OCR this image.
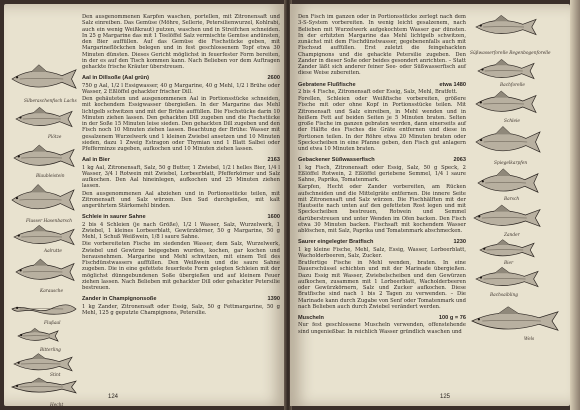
Silberaschenfisch Lachs
Plötze
Blaubleistein
Flusser Hasenbarsch
Aalrutte
Karausche
Flußaal
Bitterling
Stint
Hecht

Den ausgenommenen Karpfen waschen, portellen, mit Zitronensaft und Salz einreiben. Das Gemüse (Möhre, Sellerie, Petersilienwurzel, Kohlrabi, auch ein wenig Weißkraut) putzen, waschen und in Streifchen schneiden. In 25 g Margarine das mit 1 Teelöffel Salz vermischte Gemüse andünsten, den Bier auffüllen. Auf das Gemüse die Fischstücke geben, mit Margarineflöckchen belegen und in fest geschlossenem Topf etwa 30 Minuten dünsten. Dieses Gericht möglichst in feuerfester Form bereiten, in der es auf den Tisch kommen kann. Nach Belieben vor dem Auftragen gehackte frische Kräuter überstreuen.

Aal in Dillsoße (Aal grün)	2600

750 g Aal, 1/2 l Essigwasser, 40 g Margarine, 40 g Mehl, 1/2 l Brühe oder Wasser, 2 Eßlöffel gehackter frischer Dill.

Den gehäuteten und ausgenommenen Aal in Portionsstücke schneiden, mit kochendem Essigwasser übergießen. In der Margarine das Mehl lichtgelb schwitzen und mit der Brühe auffüllen. Die Fischstücke darin 10 Minuten ziehen lassen. Den gehackten Dill zugeben und die Fischstücke in der Soße 15 Minuten leise sieden. Den gehackten Dill zugeben und den Fisch noch 10 Minuten ziehen lassen. Beachtung der Brühe: Wasser mit gesalzenem Wurzelwerk und 1 kleinen Zwiebel ansetzen und 10 Minuten sieden, dazu 1 Zweig Estragon oder Thymian und 1 Blatt Salbei oder Pfefferminze zugeben, aufkochen und 10 Minuten ziehen lassen.

Aal in Bier	2163

1 kg Aal, Zitronensaft, Salz, 50 g Butter, 1 Zwiebel, 1/2 l helles Bier, 1/4 l Wasser, 3/4 l Rotwein mit Zwiebel, Lorbeerblatt, Pfefferkörner und Salz aufkochen. Den Aal hineinlegen, aufkochen und 25 Minuten ziehen lassen.

Den ausgenommenen Aal abziehen und in Portionsstücke teilen, mit Zitronensaft und Salz würzen. Den Sud durchgießen, mit kalt angerührtem Stärkemehl binden.

Schleie in saurer Sahne	1600

2 bis 4 Schleien (je nach Größe), 1/2 l Wasser, Salz, Wurzelwerk, 1 Zwiebel, 1 kleines Lorbeerblatt, Gewürzkörner, 50 g Margarine, 50 g Mehl, 1 Schuß Weißwein, 1/8 l saure Sahne.

Die vorbereiteten Fische im siedenden Wasser, dem Salz, Wurzelwerk, Zwiebel und Gewürze beigegeben wurden, kochen, gar kochen und herausnehmen. Margarine und Mehl schwitzen, mit einem Teil des Fischdünstwassers auffüllen. Den Weißwein und die saure Sahne zugeben. Die in eine gefettete feuerfeste Form gelegten Schleien mit der möglichst dünngebundenen Soße übergießen und auf kleinem Feuer ziehen lassen. Nach Belieben mit gehackter Dill oder gehackter Petersilie bestreuen.

Zander in Champignonsoße	1390

1 kg Zander, Zitronensaft oder Essig, Salz, 50 g Fettmargarine, 50 g Mehl, 125 g geputzte Champignons, Petersilie.

124

Den Fisch im ganzen oder in Portionsstücke zerlegt nach dem 3-S-System vorbereiten. In wenig leicht gesalzenem, nach Belieben mit Wurzelwerk aufgekochtem Wasser gar dünsten. In der erhitzten Margarine das Mehl lichtgelb schwitzen, zunächst mit dem Fischdünstwasser, gegebenenfalls auch mit Fischsud auffüllen. Erst zuletzt die feingehackten Champignons und die gehackte Petersilie zugeben. Den Zander in dieser Soße oder beides gesondert anrichten. – Statt Zander läßt sich anderer feiner See- oder Süßwasserfisch auf diese Weise zubereiten.

Gebratene Flußfische	etwa 1480

2 bis 4 Fische, Zitronensaft oder Essig, Salz, Mehl, Bratfett.

Forellen, Schleien oder Weißfische vorbereiten, größere Fische mit oder ohne Kopf in Portionsstücke teilen. Mit Zitronensaft und Salz einreiben, in Mehl wenden und in heißem Fett auf beiden Seiten je 5 Minuten braten. Selten große Fische im ganzen gebraten werden, dann einerseits auf der Hälfte des Fisches die Gräte entfernen und diese in Portionen teilen. In der Röhre etwa 20 Minuten braten oder Speckscheiben in eine Pfanne geben, den Fisch gut anlagern und etwa 10 Minuten braten.

Gebackener Süßwasserfisch	2063

1 kg Fisch, Zitronensaft oder Essig, Salz, 50 g Speck, 2 Eßlöffel Rotwein, 2 Eßlöffel geriebene Semmel, 1/4 l saure Sahne, Paprika, Tomatenmark.

Karpfen, Hecht oder Zander vorbereiten, am Rücken aufschneiden und die Mittelgräte entfernen. Die innere Seite mit Zitronensaft und Salz würzen. Die Fischhälften mit der Hautseite nach unten auf den gefetteten Rost legen und mit Speckscheiben bestreuen, Rotwein und Semmel darüberstreuen und unter Wenden im Ofen backen. Den Fisch etwa 30 Minuten backen. Fischsaft mit kochendem Wasser ablöschen, mit Salz, Paprika und Tomatenmark abschmecken.

Saurer eingelegter Bratfisch	1230

1 kg kleine Fische, Mehl, Salz, Essig, Wasser, Lorbeerblatt, Wacholderbeeren, Salz, Zucker.

Bratfertige Fische in Mehl wenden, braten. In eine Dauerschüssel schichten und mit der Marinade übergießen. Dazu Essig mit Wasser, Zwiebelscheiben und den Gewürzen aufkochen, zusammen mit 1 Lorbeerblatt, Wacholderbeeren oder Gewürzkörnern, Salz und Zucker aufkochen. Diese Bratfische sind nach 1 bis 2 Tagen zu verwenden. – Die Marinade kann durch Zugabe von Senf oder Tomatenmark und nach Belieben auch durch Zwiebel verändert werden.

Muscheln	100 g = 76

Nur fest geschlossene Muscheln verwenden, offenstehende sind ungenießbar. In reichlich Wasser gründlich waschen und

Süßwasserforelle Regenbogenforelle
Bachforelle
Schleie
Spiegelkarpfen
Barsch
Zander
Bier
Bachsaibling
Wels
125
